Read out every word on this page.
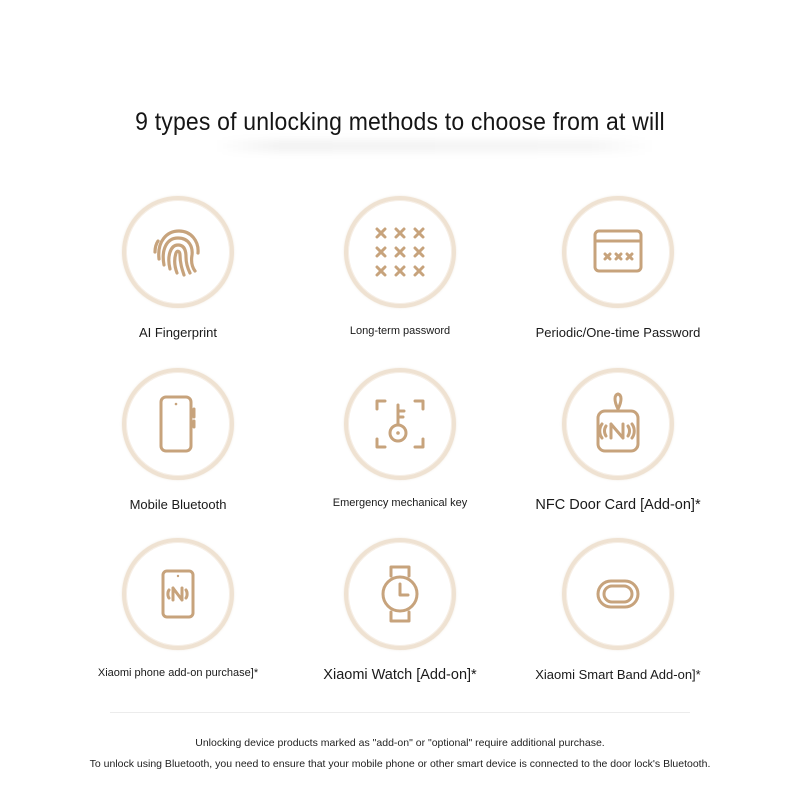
9 types of unlocking methods to choose from at will
AI Fingerprint	Long-term password	Periodic/One-time Password
Mobile Bluetooth	Emergency mechanical key	NFC Door Card [Add-on]*
Xiaomi phone add-on purchase]*	Xiaomi Watch [Add-on]*	Xiaomi Smart Band Add-on]*
Unlocking device products marked as "add-on" or "optional" require additional purchase.
To unlock using Bluetooth, you need to ensure that your mobile phone or other smart device is connected to the door lock's Bluetooth.
